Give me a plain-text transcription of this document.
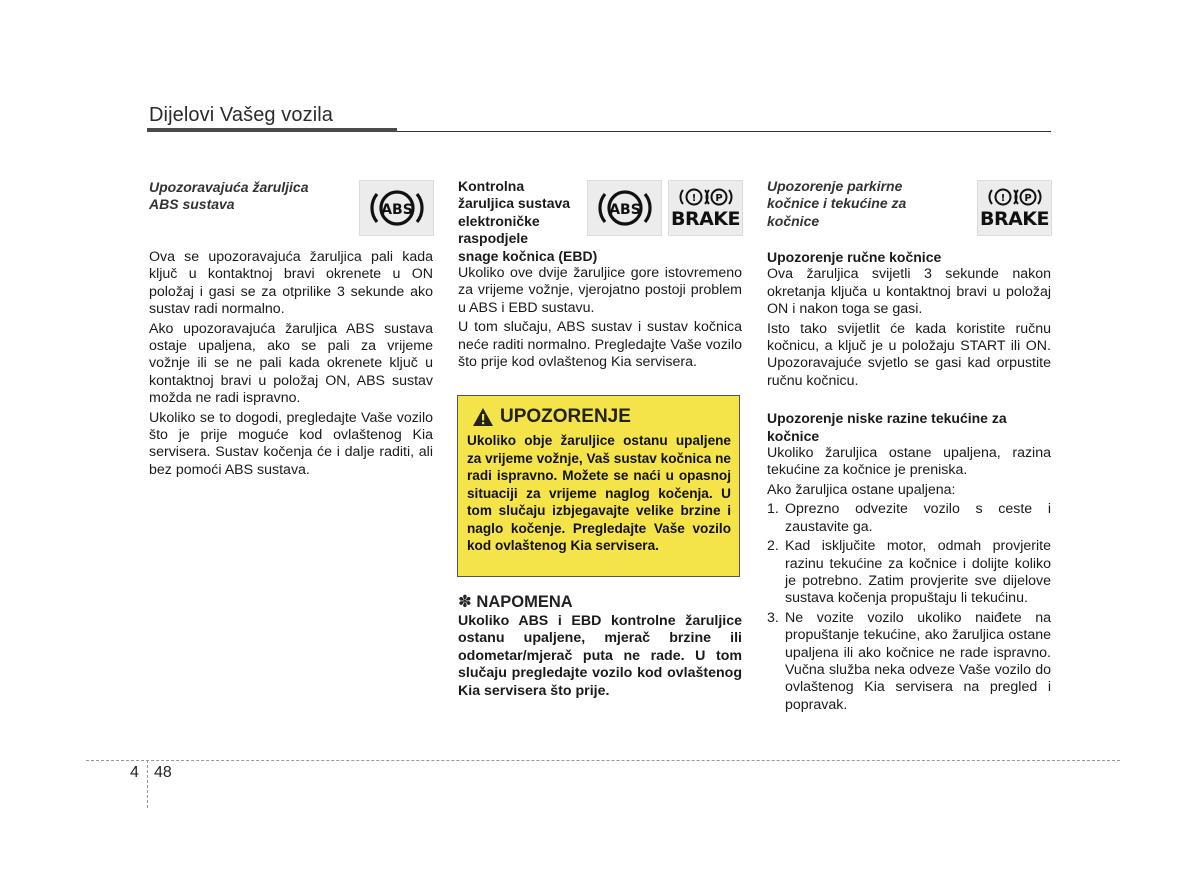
Dijelovi Vašeg vozila
Upozoravajuća žaruljica
ABS sustava	ABS

Ova se upozoravajuća žaruljica pali kada ključ u kontaktnoj bravi okrenete u ON položaj i gasi se za otprilike 3 sekunde ako sustav radi normalno.

Ako upozoravajuća žaruljica ABS sustava ostaje upaljena, ako se pali za vrijeme vožnje ili se ne pali kada okrenete ključ u kontaktnoj bravi u položaj ON, ABS sustav možda ne radi ispravno.

Ukoliko se to dogodi, pregledajte Vaše vozilo što je prije moguće kod ovlaštenog Kia servisera. Sustav kočenja će i dalje raditi, ali bez pomoći ABS sustava.

Kontrolna
žaruljica sustava
elektroničke
raspodjele
snage kočnica (EBD)
ABS
! P
BRAKE

Ukoliko ove dvije žaruljice gore istovremeno za vrijeme vožnje, vjerojatno postoji problem u ABS i EBD sustavu.

U tom slučaju, ABS sustav i sustav kočnica neće raditi normalno. Pregledajte Vaše vozilo što prije kod ovlaštenog Kia servisera.

UPOZORENJE
Ukoliko obje žaruljice ostanu upaljene za vrijeme vožnje, Vaš sustav kočnica ne radi ispravno. Možete se naći u opasnoj situaciji za vrijeme naglog kočenja. U tom slučaju izbjegavajte velike brzine i naglo kočenje. Pregledajte Vaše vozilo kod ovlaštenog Kia servisera.
✽ NAPOMENA
Ukoliko ABS i EBD kontrolne žaruljice ostanu upaljene, mjerač brzine ili odometar/mjerač puta ne rade. U tom slučaju pregledajte vozilo kod ovlaštenog Kia servisera što prije.
Upozorenje parkirne
kočnice i tekućine za
kočnice
! P
BRAKE
Upozorenje ručne kočnice

Ova žaruljica svijetli 3 sekunde nakon okretanja ključa u kontaktnoj bravi u položaj ON i nakon toga se gasi.

Isto tako svijetlit će kada koristite ručnu kočnicu, a ključ je u položaju START ili ON. Upozoravajuće svjetlo se gasi kad orpustite ručnu kočnicu.

Upozorenje niske razine tekućine za kočnice

Ukoliko žaruljica ostane upaljena, razina tekućine za kočnice je preniska.

Ako žaruljica ostane upaljena:

1. Oprezno odvezite vozilo s ceste i zaustavite ga.
2. Kad isključite motor, odmah provjerite razinu tekućine za kočnice i dolijte koliko je potrebno. Zatim provjerite sve dijelove sustava kočenja propuštaju li tekućinu.
3. Ne vozite vozilo ukoliko naiđete na propuštanje tekućine, ako žaruljica ostane upaljena ili ako kočnice ne rade ispravno. Vučna služba neka odveze Vaše vozilo do ovlaštenog Kia servisera na pregled i popravak.
4 48
